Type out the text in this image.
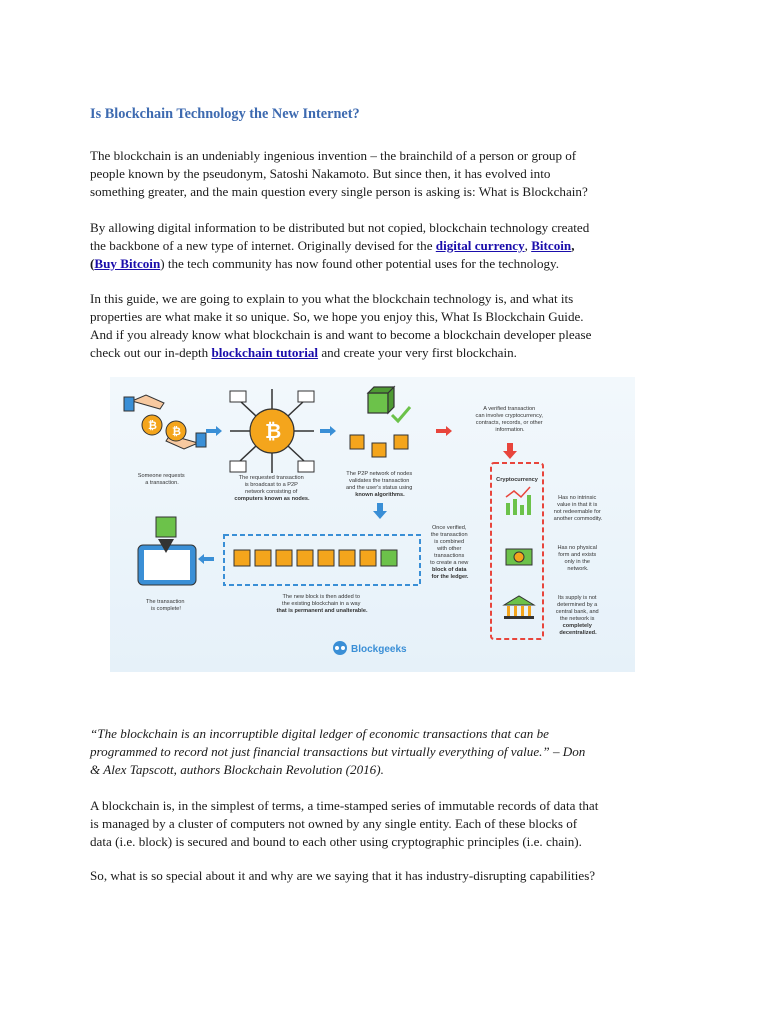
Is Blockchain Technology the New Internet?

The blockchain is an undeniably ingenious invention – the brainchild of a person or group of
people known by the pseudonym, Satoshi Nakamoto. But since then, it has evolved into
something greater, and the main question every single person is asking is: What is Blockchain?

By allowing digital information to be distributed but not copied, blockchain technology created
the backbone of a new type of internet. Originally devised for the digital currency, Bitcoin,
(Buy Bitcoin) the tech community has now found other potential uses for the technology.

In this guide, we are going to explain to you what the blockchain technology is, and what its
properties are what make it so unique. So, we hope you enjoy this, What Is Blockchain Guide.
And if you already know what blockchain is and want to become a blockchain developer please
check out our in-depth blockchain tutorial and create your very first blockchain.

“The blockchain is an incorruptible digital ledger of economic transactions that can be
programmed to record not just financial transactions but virtually everything of value.” – Don
& Alex Tapscott, authors Blockchain Revolution (2016).

A blockchain is, in the simplest of terms, a time-stamped series of immutable records of data that
is managed by a cluster of computers not owned by any single entity. Each of these blocks of
data (i.e. block) is secured and bound to each other using cryptographic principles (i.e. chain).

So, what is so special about it and why are we saying that it has industry-disrupting capabilities?

₿ ₿
Someone requests a transaction.
₿
The requested transaction is broadcast to a P2P network consisting of computers known as nodes.
The P2P network of nodes validates the transaction and the user's status using known algorithms.
A verified transaction can involve cryptocurrency, contracts, records, or other information.
Cryptocurrency
Has no intrinsic value in that it is not redeemable for another commodity.
Has no physical form and exists only in the network.
Its supply is not determined by a central bank, and the network is completely decentralized.
Once verified, the transaction is combined with other transactions to create a new block of data for the ledger.
The new block is then added to the existing blockchain in a way that is permanent and unalterable.
The transaction is complete!
Blockgeeks
